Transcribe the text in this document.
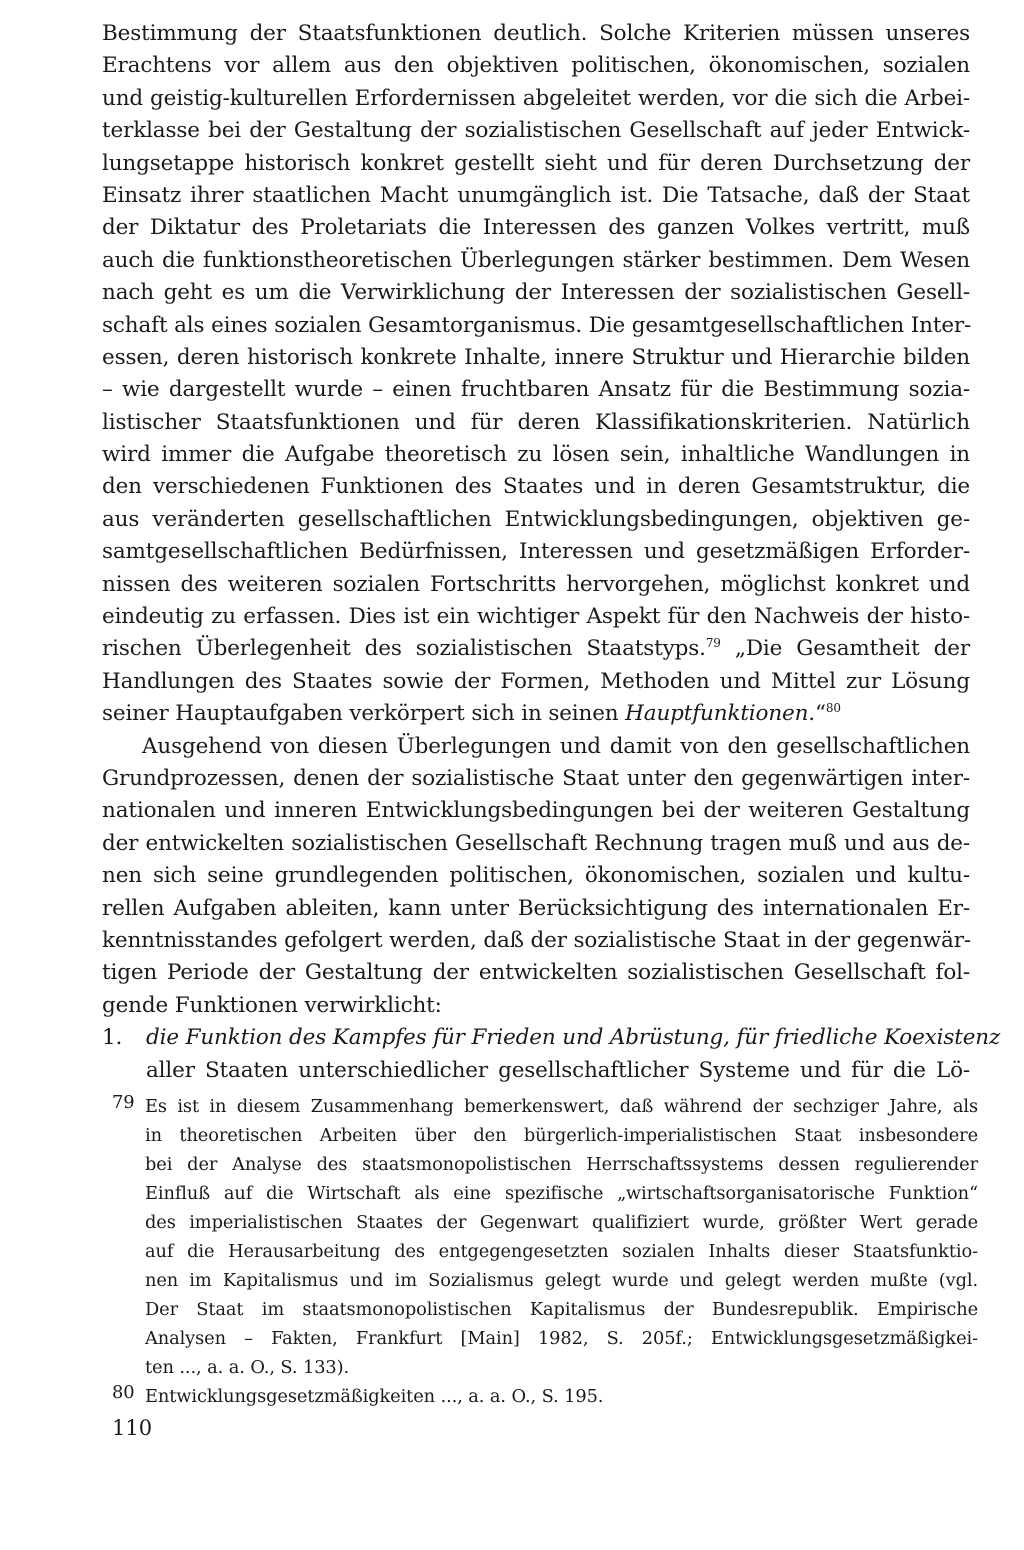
Bestimmung der Staatsfunktionen deutlich. Solche Kriterien müssen unseres
Erachtens vor allem aus den objektiven politischen, ökonomischen, sozialen
und geistig-kulturellen Erfordernissen abgeleitet werden, vor die sich die Arbei-
terklasse bei der Gestaltung der sozialistischen Gesellschaft auf jeder Entwick-
lungsetappe historisch konkret gestellt sieht und für deren Durchsetzung der
Einsatz ihrer staatlichen Macht unumgänglich ist. Die Tatsache, daß der Staat
der Diktatur des Proletariats die Interessen des ganzen Volkes vertritt, muß
auch die funktionstheoretischen Überlegungen stärker bestimmen. Dem Wesen
nach geht es um die Verwirklichung der Interessen der sozialistischen Gesell-
schaft als eines sozialen Gesamtorganismus. Die gesamtgesellschaftlichen Inter-
essen, deren historisch konkrete Inhalte, innere Struktur und Hierarchie bilden
– wie dargestellt wurde – einen fruchtbaren Ansatz für die Bestimmung sozia-
listischer Staatsfunktionen und für deren Klassifikationskriterien. Natürlich
wird immer die Aufgabe theoretisch zu lösen sein, inhaltliche Wandlungen in
den verschiedenen Funktionen des Staates und in deren Gesamtstruktur, die
aus veränderten gesellschaftlichen Entwicklungsbedingungen, objektiven ge-
samtgesellschaftlichen Bedürfnissen, Interessen und gesetzmäßigen Erforder-
nissen des weiteren sozialen Fortschritts hervorgehen, möglichst konkret und
eindeutig zu erfassen. Dies ist ein wichtiger Aspekt für den Nachweis der histo-
rischen Überlegenheit des sozialistischen Staatstyps.$^{79}$ „Die Gesamtheit der
Handlungen des Staates sowie der Formen, Methoden und Mittel zur Lösung
seiner Hauptaufgaben verkörpert sich in seinen Hauptfunktionen.“$^{80}$
Ausgehend von diesen Überlegungen und damit von den gesellschaftlichen
Grundprozessen, denen der sozialistische Staat unter den gegenwärtigen inter-
nationalen und inneren Entwicklungsbedingungen bei der weiteren Gestaltung
der entwickelten sozialistischen Gesellschaft Rechnung tragen muß und aus de-
nen sich seine grundlegenden politischen, ökonomischen, sozialen und kultu-
rellen Aufgaben ableiten, kann unter Berücksichtigung des internationalen Er-
kenntnisstandes gefolgert werden, daß der sozialistische Staat in der gegenwär-
tigen Periode der Gestaltung der entwickelten sozialistischen Gesellschaft fol-
gende Funktionen verwirklicht:
1.	die Funktion des Kampfes für Frieden und Abrüstung, für friedliche Koexistenz
aller Staaten unterschiedlicher gesellschaftlicher Systeme und für die Lö-
79 Es ist in diesem Zusammenhang bemerkenswert, daß während der sechziger Jahre, als
in theoretischen Arbeiten über den bürgerlich-imperialistischen Staat insbesondere
bei der Analyse des staatsmonopolistischen Herrschaftssystems dessen regulierender
Einfluß auf die Wirtschaft als eine spezifische „wirtschaftsorganisatorische Funktion“
des imperialistischen Staates der Gegenwart qualifiziert wurde, größter Wert gerade
auf die Herausarbeitung des entgegengesetzten sozialen Inhalts dieser Staatsfunktio-
nen im Kapitalismus und im Sozialismus gelegt wurde und gelegt werden mußte (vgl.
Der Staat im staatsmonopolistischen Kapitalismus der Bundesrepublik. Empirische
Analysen – Fakten, Frankfurt [Main] 1982, S. 205f.; Entwicklungsgesetzmäßigkei-
ten ..., a. a. O., S. 133).
80 Entwicklungsgesetzmäßigkeiten ..., a. a. O., S. 195.
110
